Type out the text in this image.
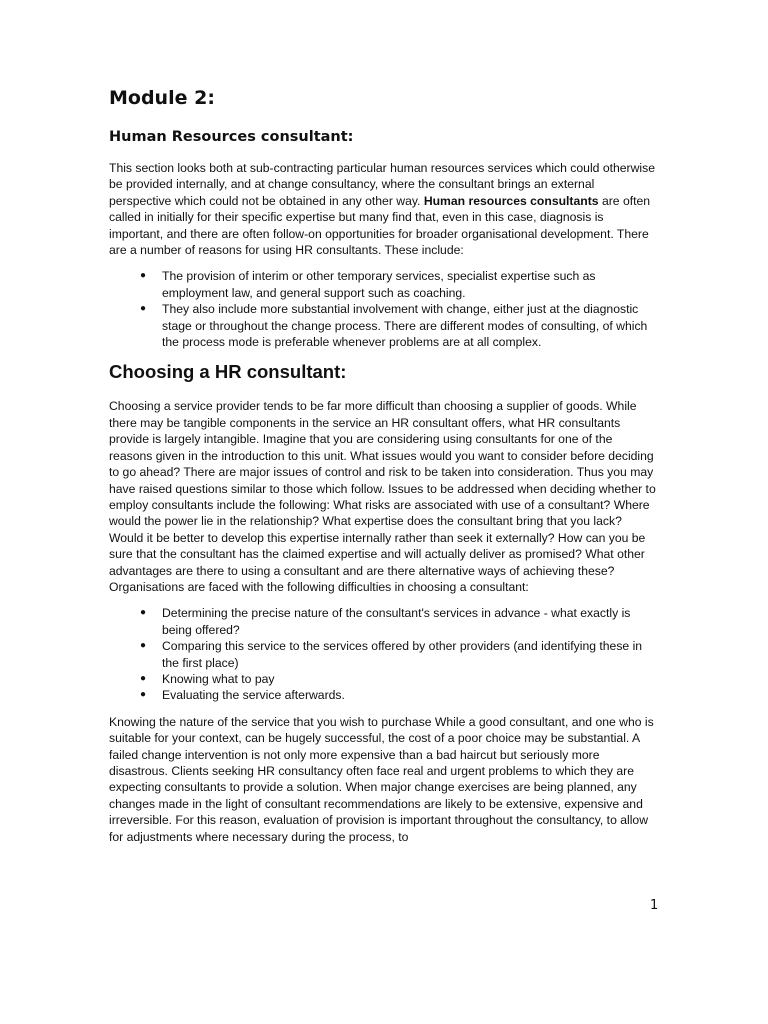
Module 2:
Human Resources consultant:

This section looks both at sub-contracting particular human resources services which could otherwise be provided internally, and at change consultancy, where the consultant brings an external perspective which could not be obtained in any other way. Human resources consultants are often called in initially for their specific expertise but many find that, even in this case, diagnosis is important, and there are often follow-on opportunities for broader organisational development. There are a number of reasons for using HR consultants. These include:

● The provision of interim or other temporary services, specialist expertise such as employment law, and general support such as coaching.
● They also include more substantial involvement with change, either just at the diagnostic stage or throughout the change process. There are different modes of consulting, of which the process mode is preferable whenever problems are at all complex.
Choosing a HR consultant:

Choosing a service provider tends to be far more difficult than choosing a supplier of goods. While there may be tangible components in the service an HR consultant offers, what HR consultants provide is largely intangible. Imagine that you are considering using consultants for one of the reasons given in the introduction to this unit. What issues would you want to consider before deciding to go ahead? There are major issues of control and risk to be taken into consideration. Thus you may have raised questions similar to those which follow. Issues to be addressed when deciding whether to employ consultants include the following: What risks are associated with use of a consultant? Where would the power lie in the relationship? What expertise does the consultant bring that you lack? Would it be better to develop this expertise internally rather than seek it externally? How can you be sure that the consultant has the claimed expertise and will actually deliver as promised? What other advantages are there to using a consultant and are there alternative ways of achieving these? Organisations are faced with the following difficulties in choosing a consultant:

● Determining the precise nature of the consultant's services in advance - what exactly is being offered?
● Comparing this service to the services offered by other providers (and identifying these in the first place)
● Knowing what to pay
● Evaluating the service afterwards.

Knowing the nature of the service that you wish to purchase While a good consultant, and one who is suitable for your context, can be hugely successful, the cost of a poor choice may be substantial. A failed change intervention is not only more expensive than a bad haircut but seriously more disastrous. Clients seeking HR consultancy often face real and urgent problems to which they are expecting consultants to provide a solution. When major change exercises are being planned, any changes made in the light of consultant recommendations are likely to be extensive, expensive and irreversible. For this reason, evaluation of provision is important throughout the consultancy, to allow for adjustments where necessary during the process, to

1
